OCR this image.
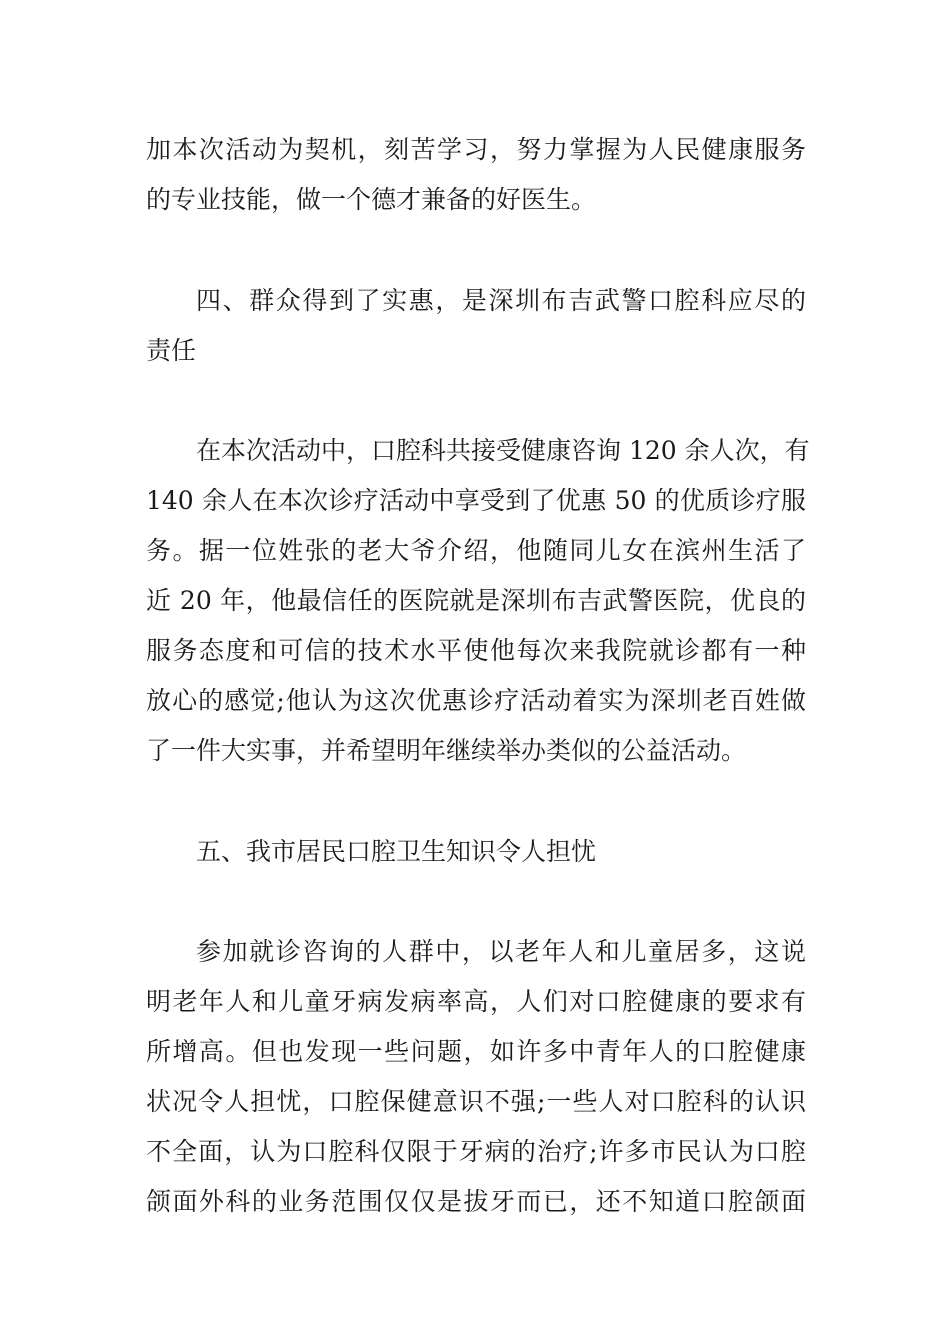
加本次活动为契机，刻苦学习，努力掌握为人民健康服务
的专业技能，做一个德才兼备的好医生。
四、群众得到了实惠，是深圳布吉武警口腔科应尽的
责任
在本次活动中，口腔科共接受健康咨询 120 余人次，有
140 余人在本次诊疗活动中享受到了优惠 50 的优质诊疗服
务。据一位姓张的老大爷介绍，他随同儿女在滨州生活了
近 20 年，他最信任的医院就是深圳布吉武警医院，优良的
服务态度和可信的技术水平使他每次来我院就诊都有一种
放心的感觉;他认为这次优惠诊疗活动着实为深圳老百姓做
了一件大实事，并希望明年继续举办类似的公益活动。
五、我市居民口腔卫生知识令人担忧
参加就诊咨询的人群中，以老年人和儿童居多，这说
明老年人和儿童牙病发病率高，人们对口腔健康的要求有
所增高。但也发现一些问题，如许多中青年人的口腔健康
状况令人担忧，口腔保健意识不强;一些人对口腔科的认识
不全面，认为口腔科仅限于牙病的治疗;许多市民认为口腔
颌面外科的业务范围仅仅是拔牙而已，还不知道口腔颌面
